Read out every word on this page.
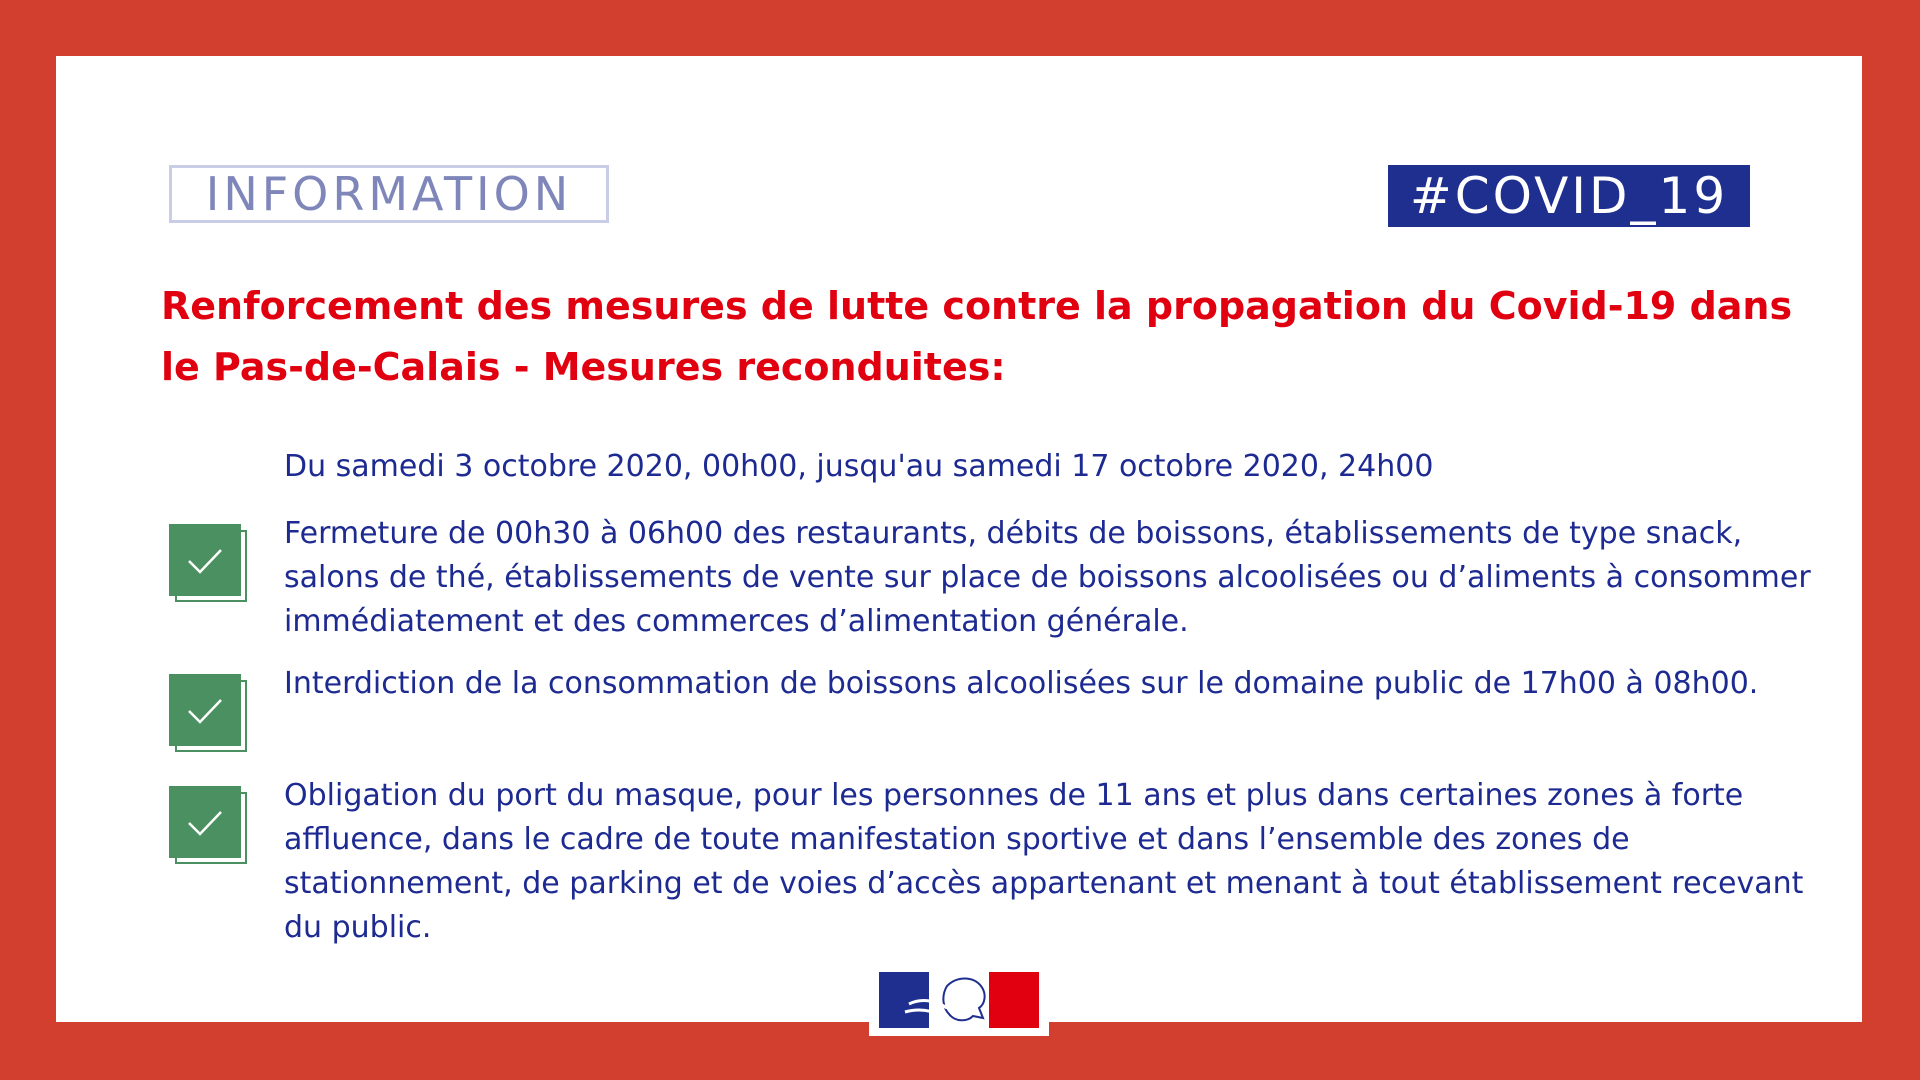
INFORMATION	#COVID_19
Renforcement des mesures de lutte contre la propagation du Covid-19 dans le Pas-de-Calais - Mesures reconduites:
Du samedi 3 octobre 2020, 00h00, jusqu'au samedi 17 octobre 2020, 24h00
Fermeture de 00h30 à 06h00 des restaurants, débits de boissons, établissements de type snack, salons de thé, établissements de vente sur place de boissons alcoolisées ou d’aliments à consommer immédiatement et des commerces d’alimentation générale.
Interdiction de la consommation de boissons alcoolisées sur le domaine public de 17h00 à 08h00.
Obligation du port du masque, pour les personnes de 11 ans et plus dans certaines zones à forte affluence, dans le cadre de toute manifestation sportive et dans l’ensemble des zones de stationnement, de parking et de voies d’accès appartenant et menant à tout établissement recevant du public.
